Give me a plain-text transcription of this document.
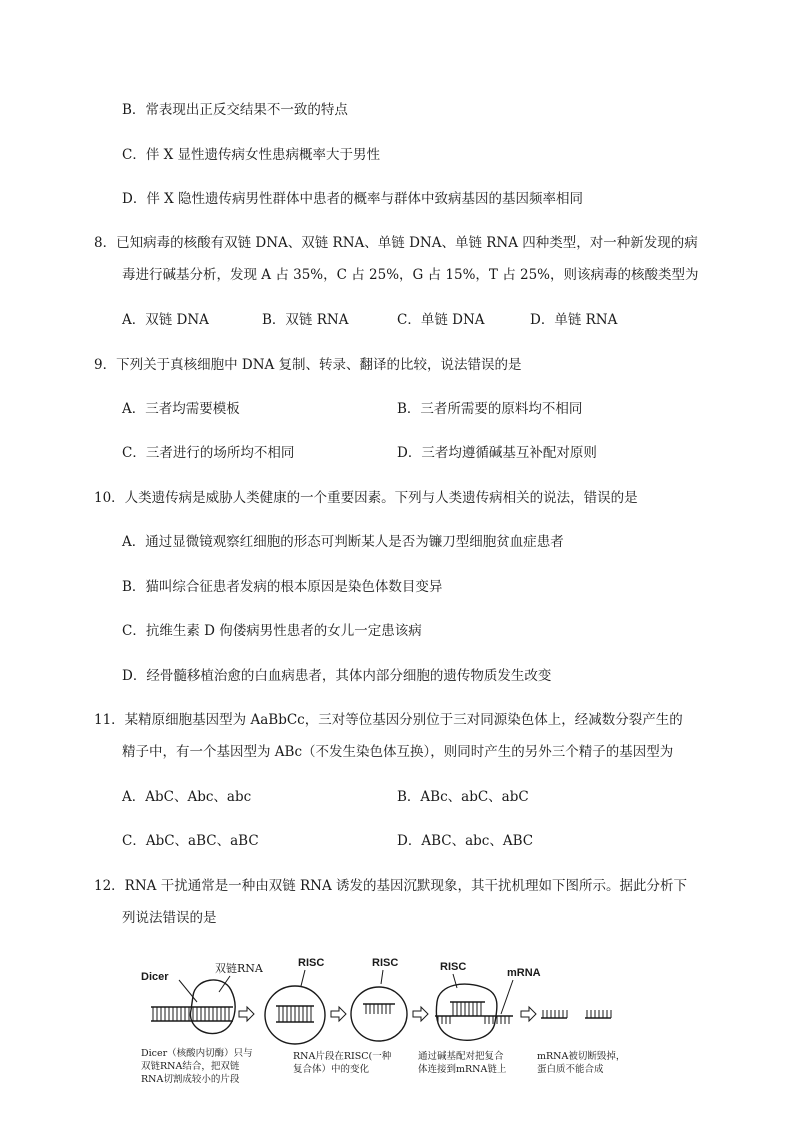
B．常表现出正反交结果不一致的特点
C．伴 X 显性遗传病女性患病概率大于男性
D．伴 X 隐性遗传病男性群体中患者的概率与群体中致病基因的基因频率相同
8．已知病毒的核酸有双链 DNA、双链 RNA、单链 DNA、单链 RNA 四种类型，对一种新发现的病
毒进行碱基分析，发现 A 占 35%，C 占 25%，G 占 15%，T 占 25%，则该病毒的核酸类型为
A．双链 DNA	B．双链 RNA	C．单链 DNA	D．单链 RNA
9．下列关于真核细胞中 DNA 复制、转录、翻译的比较，说法错误的是
A．三者均需要模板	B．三者所需要的原料均不相同
C．三者进行的场所均不相同	D．三者均遵循碱基互补配对原则
10．人类遗传病是威胁人类健康的一个重要因素。下列与人类遗传病相关的说法，错误的是
A．通过显微镜观察红细胞的形态可判断某人是否为镰刀型细胞贫血症患者
B．猫叫综合征患者发病的根本原因是染色体数目变异
C．抗维生素 D 佝偻病男性患者的女儿一定患该病
D．经骨髓移植治愈的白血病患者，其体内部分细胞的遗传物质发生改变
11．某精原细胞基因型为 AaBbCc，三对等位基因分别位于三对同源染色体上，经减数分裂产生的
精子中，有一个基因型为 ABc（不发生染色体互换），则同时产生的另外三个精子的基因型为
A．AbC、Abc、abc	B．ABc、abC、abC
C．AbC、aBC、aBC	D．ABC、abc、ABC
12．RNA 干扰通常是一种由双链 RNA 诱发的基因沉默现象，其干扰机理如下图所示。据此分析下
列说法错误的是
Dicer
双链RNA	RISC	RISC	RISC	mRNA
Dicer（核酸内切酶）只与
双链RNA结合，把双链
RNA切割成较小的片段
RNA片段在RISC(一种
复合体）中的变化
通过碱基配对把复合
体连接到mRNA链上
mRNA被切断毁掉，
蛋白质不能合成
